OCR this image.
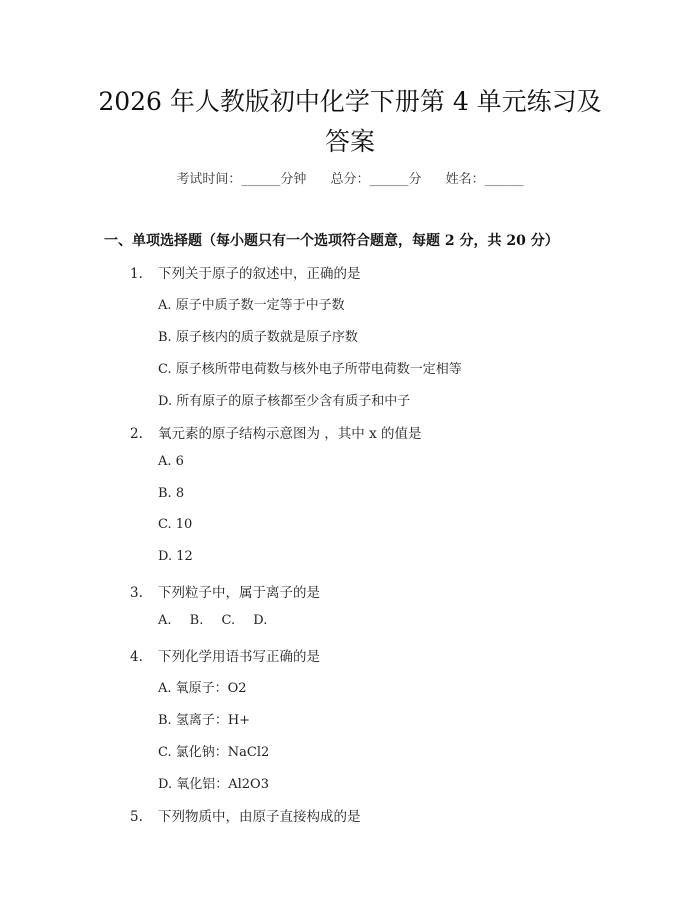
2026 年人教版初中化学下册第 4 单元练习及
答案
考试时间：______分钟 总分：______分 姓名：______
一、单项选择题（每小题只有一个选项符合题意，每题 2 分，共 20 分）
1. 下列关于原子的叙述中，正确的是
A. 原子中质子数一定等于中子数
B. 原子核内的质子数就是原子序数
C. 原子核所带电荷数与核外电子所带电荷数一定相等
D. 所有原子的原子核都至少含有质子和中子
2. 氧元素的原子结构示意图为 ，其中 x 的值是
A. 6
B. 8
C. 10
D. 12
3. 下列粒子中，属于离子的是
A. B. C. D.
4. 下列化学用语书写正确的是
A. 氧原子：O2
B. 氢离子：H+
C. 氯化钠：NaCl2
D. 氧化铝：Al2O3
5. 下列物质中，由原子直接构成的是
